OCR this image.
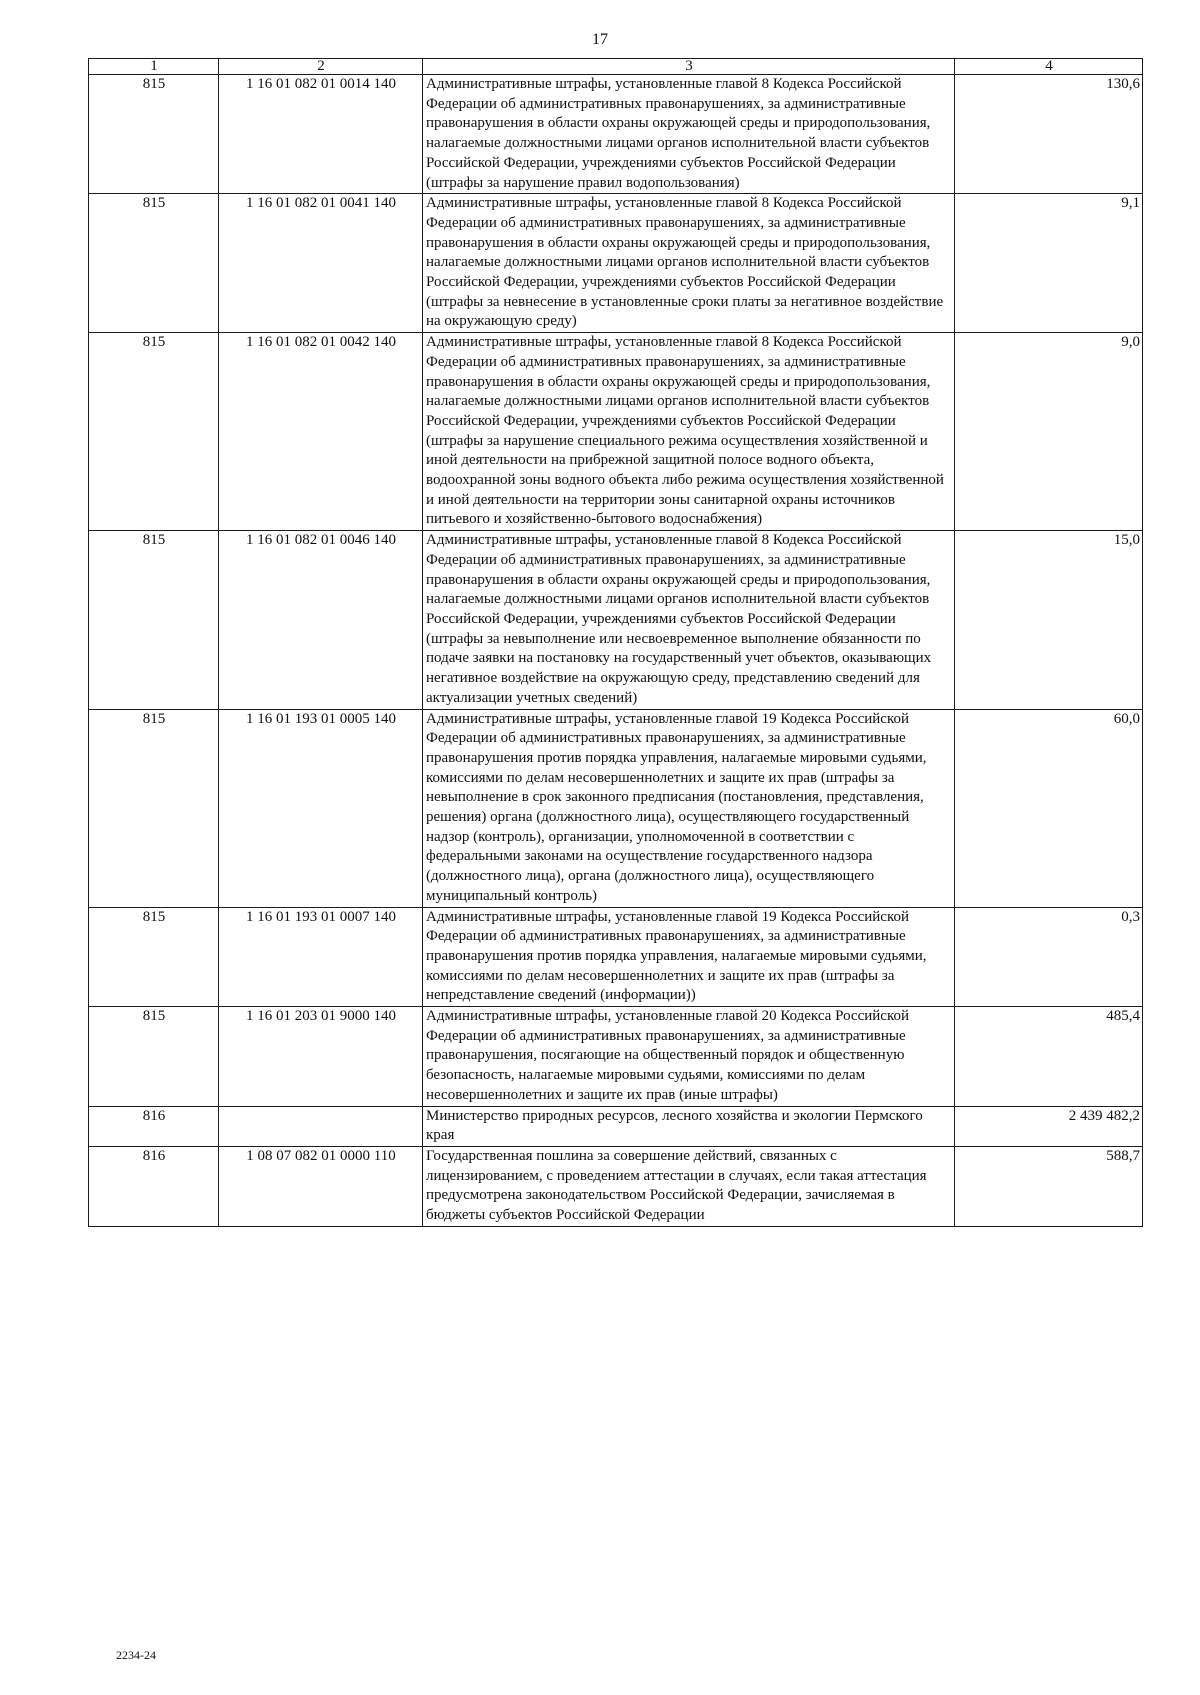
17
1	2	3	4
815	1 16 01 082 01 0014 140	Административные штрафы, установленные главой 8 Кодекса Российской Федерации об административных правонарушениях, за административные правонарушения в области охраны окружающей среды и природопользования, налагаемые должностными лицами органов исполнительной власти субъектов Российской Федерации, учреждениями субъектов Российской Федерации (штрафы за нарушение правил водопользования)	130,6
815	1 16 01 082 01 0041 140	Административные штрафы, установленные главой 8 Кодекса Российской Федерации об административных правонарушениях, за административные правонарушения в области охраны окружающей среды и природопользования, налагаемые должностными лицами органов исполнительной власти субъектов Российской Федерации, учреждениями субъектов Российской Федерации (штрафы за невнесение в установленные сроки платы за негативное воздействие на окружающую среду)	9,1
815	1 16 01 082 01 0042 140	Административные штрафы, установленные главой 8 Кодекса Российской Федерации об административных правонарушениях, за административные правонарушения в области охраны окружающей среды и природопользования, налагаемые должностными лицами органов исполнительной власти субъектов Российской Федерации, учреждениями субъектов Российской Федерации (штрафы за нарушение специального режима осуществления хозяйственной и иной деятельности на прибрежной защитной полосе водного объекта, водоохранной зоны водного объекта либо режима осуществления хозяйственной и иной деятельности на территории зоны санитарной охраны источников питьевого и хозяйственно-бытового водоснабжения)	9,0
815	1 16 01 082 01 0046 140	Административные штрафы, установленные главой 8 Кодекса Российской Федерации об административных правонарушениях, за административные правонарушения в области охраны окружающей среды и природопользования, налагаемые должностными лицами органов исполнительной власти субъектов Российской Федерации, учреждениями субъектов Российской Федерации (штрафы за невыполнение или несвоевременное выполнение обязанности по подаче заявки на постановку на государственный учет объектов, оказывающих негативное воздействие на окружающую среду, представлению сведений для актуализации учетных сведений)	15,0
815	1 16 01 193 01 0005 140	Административные штрафы, установленные главой 19 Кодекса Российской Федерации об административных правонарушениях, за административные правонарушения против порядка управления, налагаемые мировыми судьями, комиссиями по делам несовершеннолетних и защите их прав (штрафы за невыполнение в срок законного предписания (постановления, представления, решения) органа (должностного лица), осуществляющего государственный надзор (контроль), организации, уполномоченной в соответствии с федеральными законами на осуществление государственного надзора (должностного лица), органа (должностного лица), осуществляющего муниципальный контроль)	60,0
815	1 16 01 193 01 0007 140	Административные штрафы, установленные главой 19 Кодекса Российской Федерации об административных правонарушениях, за административные правонарушения против порядка управления, налагаемые мировыми судьями, комиссиями по делам несовершеннолетних и защите их прав (штрафы за непредставление сведений (информации))	0,3
815	1 16 01 203 01 9000 140	Административные штрафы, установленные главой 20 Кодекса Российской Федерации об административных правонарушениях, за административные правонарушения, посягающие на общественный порядок и общественную безопасность, налагаемые мировыми судьями, комиссиями по делам несовершеннолетних и защите их прав (иные штрафы)	485,4
816		Министерство природных ресурсов, лесного хозяйства и экологии Пермского края	2 439 482,2
816	1 08 07 082 01 0000 110	Государственная пошлина за совершение действий, связанных с лицензированием, с проведением аттестации в случаях, если такая аттестация предусмотрена законодательством Российской Федерации, зачисляемая в бюджеты субъектов Российской Федерации	588,7
2234-24
